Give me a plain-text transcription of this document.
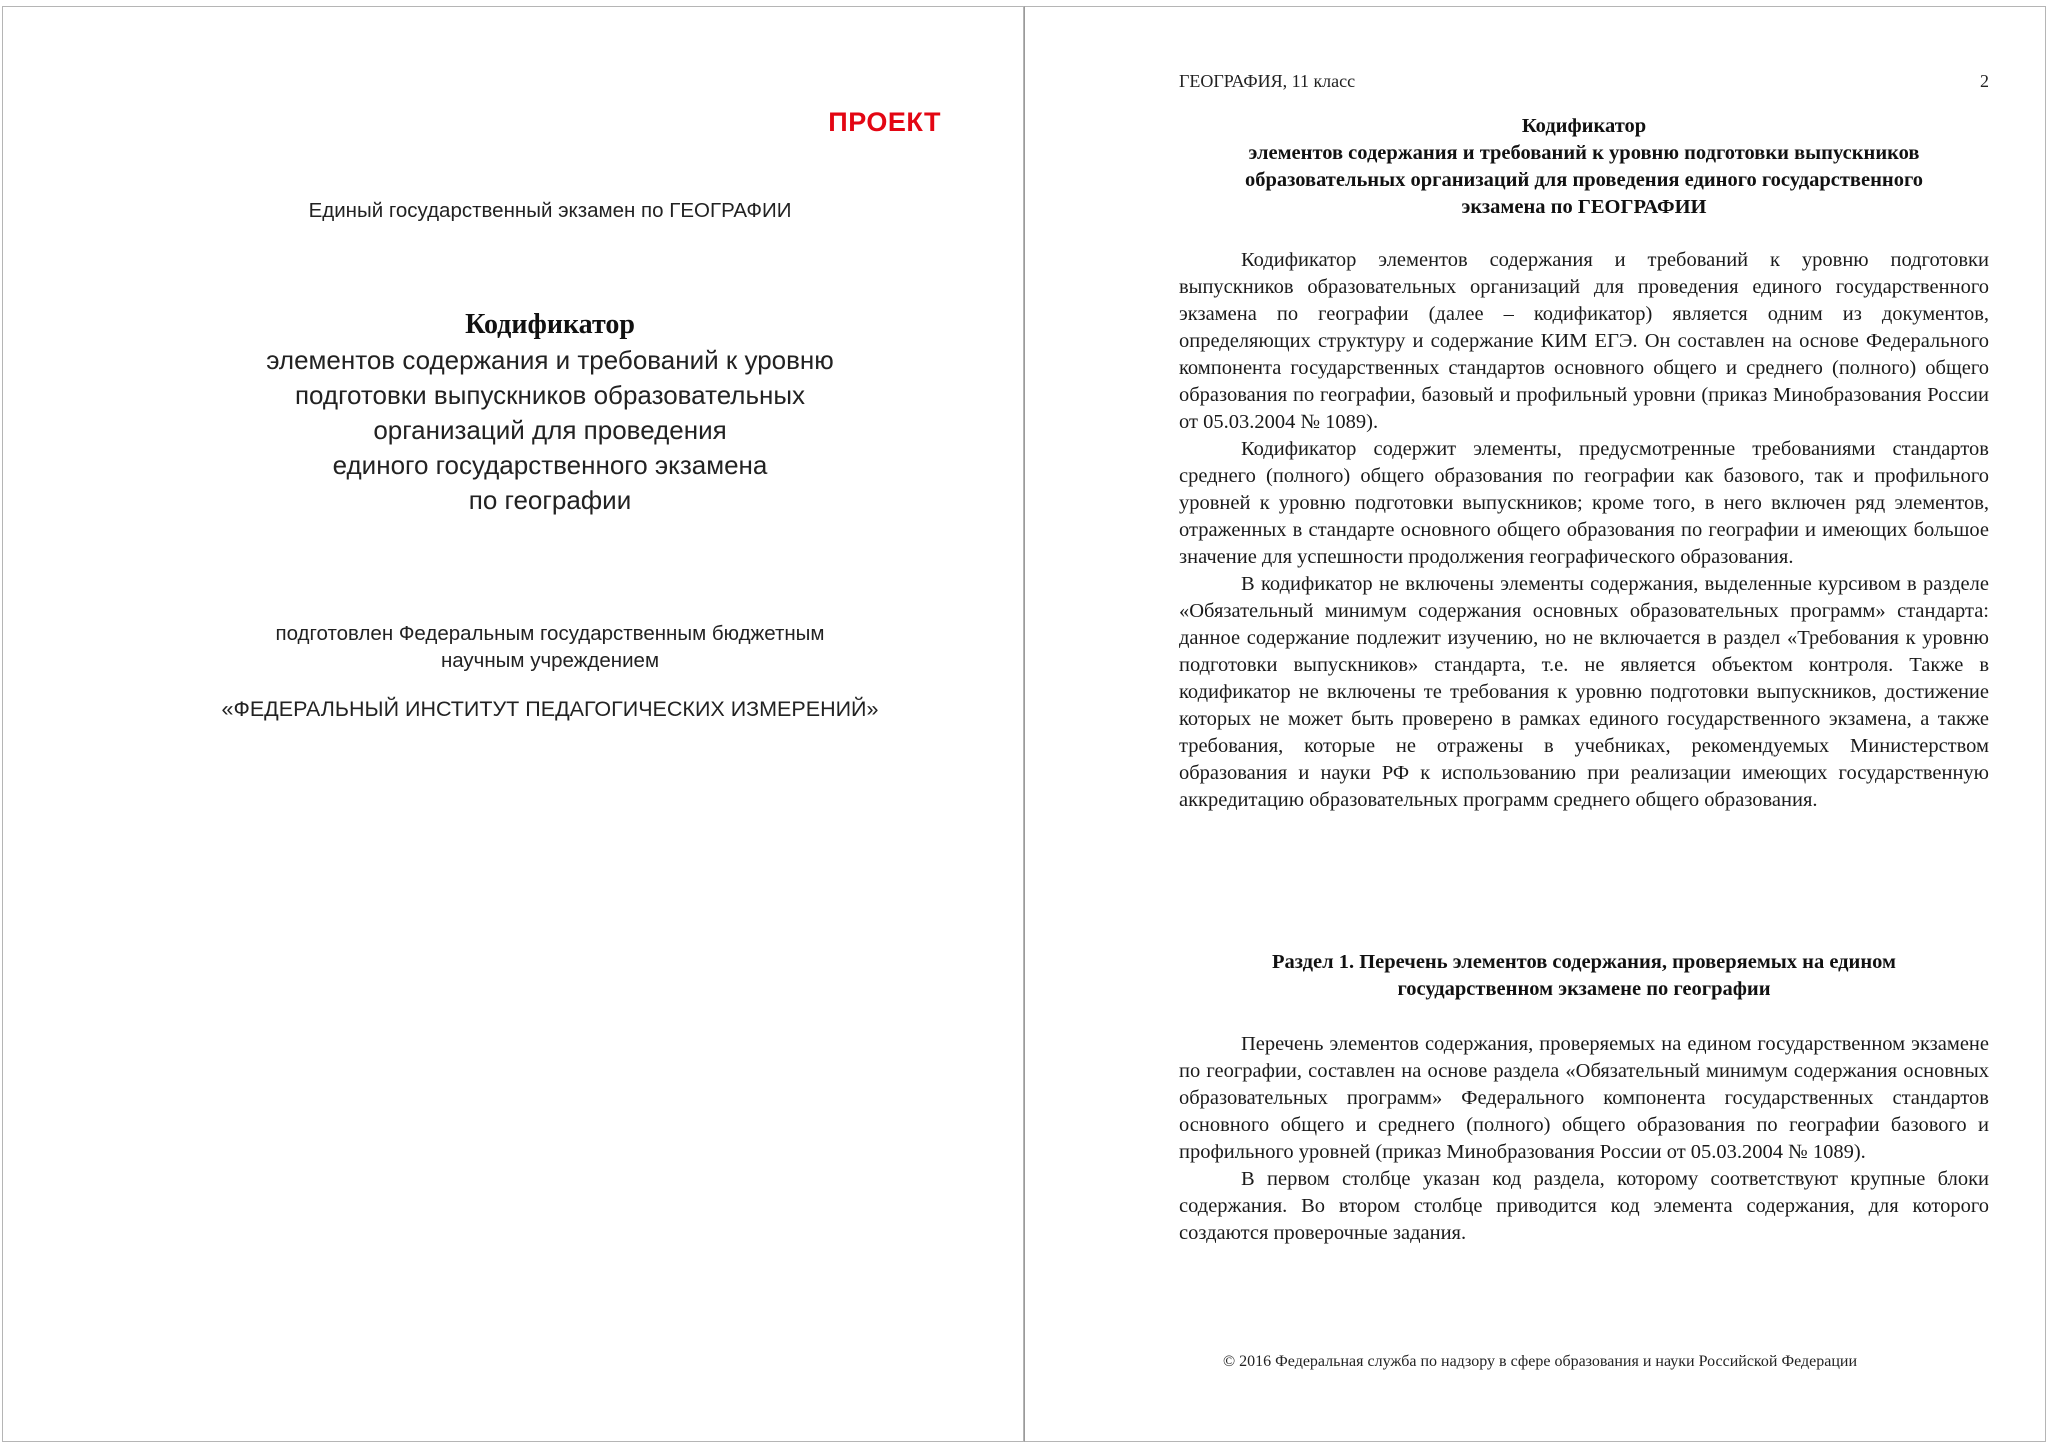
ПРОЕКТ
Единый государственный экзамен по ГЕОГРАФИИ
Кодификатор
элементов содержания и требований к уровню
подготовки выпускников образовательных
организаций для проведения
единого государственного экзамена
по географии
подготовлен Федеральным государственным бюджетным
научным учреждением
«ФЕДЕРАЛЬНЫЙ ИНСТИТУТ ПЕДАГОГИЧЕСКИХ ИЗМЕРЕНИЙ»
ГЕОГРАФИЯ, 11 класс	2
Кодификатор
элементов содержания и требований к уровню подготовки выпускников
образовательных организаций для проведения единого государственного
экзамена по ГЕОГРАФИИ

Кодификатор элементов содержания и требований к уровню подготовки выпускников образовательных организаций для проведения единого государственного экзамена по географии (далее – кодификатор) является одним из документов, определяющих структуру и содержание КИМ ЕГЭ. Он составлен на основе Федерального компонента государственных стандартов основного общего и среднего (полного) общего образования по географии, базовый и профильный уровни (приказ Минобразования России от 05.03.2004 № 1089).

Кодификатор содержит элементы, предусмотренные требованиями стандартов среднего (полного) общего образования по географии как базового, так и профильного уровней к уровню подготовки выпускников; кроме того, в него включен ряд элементов, отраженных в стандарте основного общего образования по географии и имеющих большое значение для успешности продолжения географического образования.

В кодификатор не включены элементы содержания, выделенные курсивом в разделе «Обязательный минимум содержания основных образовательных программ» стандарта: данное содержание подлежит изучению, но не включается в раздел «Требования к уровню подготовки выпускников» стандарта, т.е. не является объектом контроля. Также в кодификатор не включены те требования к уровню подготовки выпускников, достижение которых не может быть проверено в рамках единого государственного экзамена, а также требования, которые не отражены в учебниках, рекомендуемых Министерством образования и науки РФ к использованию при реализации имеющих государственную аккредитацию образовательных программ среднего общего образования.

Раздел 1. Перечень элементов содержания, проверяемых на едином
государственном экзамене по географии

Перечень элементов содержания, проверяемых на едином государственном экзамене по географии, составлен на основе раздела «Обязательный минимум содержания основных образовательных программ» Федерального компонента государственных стандартов основного общего и среднего (полного) общего образования по географии базового и профильного уровней (приказ Минобразования России от 05.03.2004 № 1089).

В первом столбце указан код раздела, которому соответствуют крупные блоки содержания. Во втором столбце приводится код элемента содержания, для которого создаются проверочные задания.

© 2016 Федеральная служба по надзору в сфере образования и науки Российской Федерации
